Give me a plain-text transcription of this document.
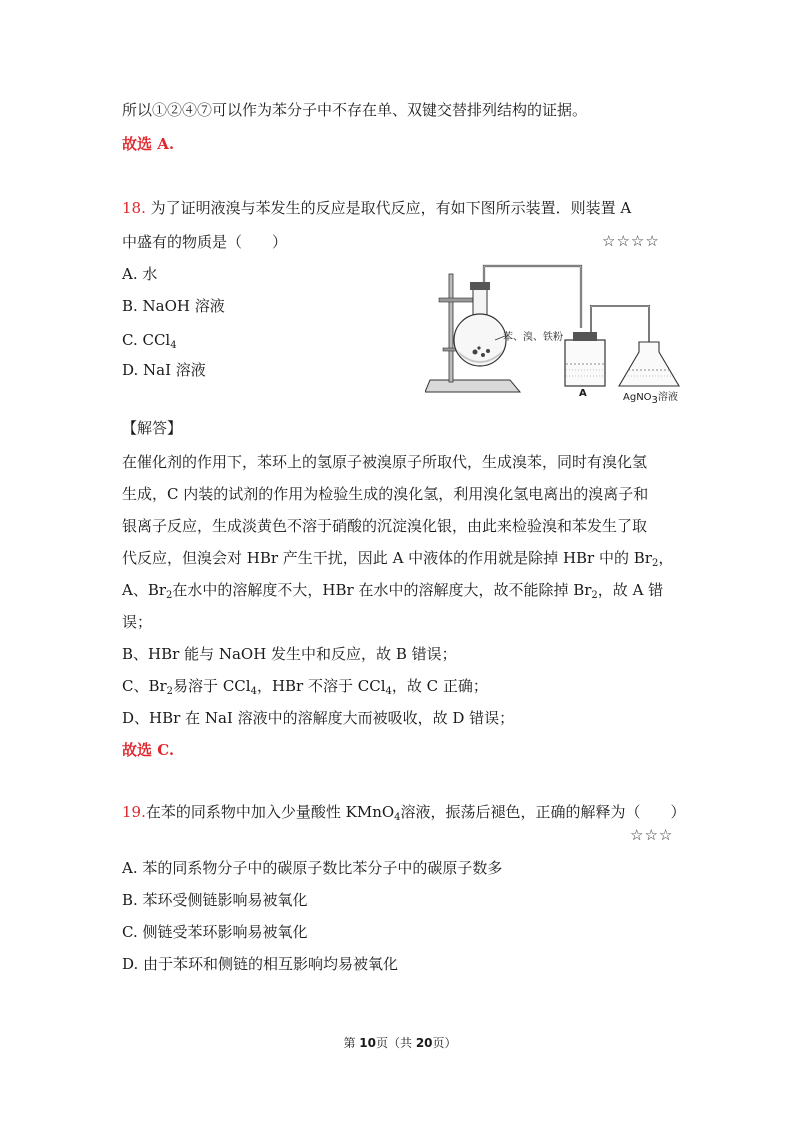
所以①②④⑦可以作为苯分子中不存在单、双键交替排列结构的证据。
故选 A.
18. 为了证明液溴与苯发生的反应是取代反应，有如下图所示装置．则装置 A
中盛有的物质是（　　）	☆☆☆☆
A. 水
B. NaOH 溶液
C. CCl$_4$
D. NaI 溶液
苯、溴、铁粉
A	AgNO$_3$溶液
【解答】
在催化剂的作用下，苯环上的氢原子被溴原子所取代，生成溴苯，同时有溴化氢
生成，C 内装的试剂的作用为检验生成的溴化氢，利用溴化氢电离出的溴离子和
银离子反应，生成淡黄色不溶于硝酸的沉淀溴化银，由此来检验溴和苯发生了取
代反应，但溴会对 HBr 产生干扰，因此 A 中液体的作用就是除掉 HBr 中的 $Br_2$，
A、$Br_2$在水中的溶解度不大，HBr 在水中的溶解度大，故不能除掉 $Br_2$，故 A 错
误；
B、HBr 能与 NaOH 发生中和反应，故 B 错误；
C、$Br_2$易溶于 CCl$_4$，HBr 不溶于 CCl$_4$，故 C 正确；
D、HBr 在 NaI 溶液中的溶解度大而被吸收，故 D 错误；
故选 C.
19.在苯的同系物中加入少量酸性 KMnO$_4$溶液，振荡后褪色，正确的解释为（　　）
☆☆☆
A. 苯的同系物分子中的碳原子数比苯分子中的碳原子数多
B. 苯环受侧链影响易被氧化
C. 侧链受苯环影响易被氧化
D. 由于苯环和侧链的相互影响均易被氧化
第 10页（共 20页）
